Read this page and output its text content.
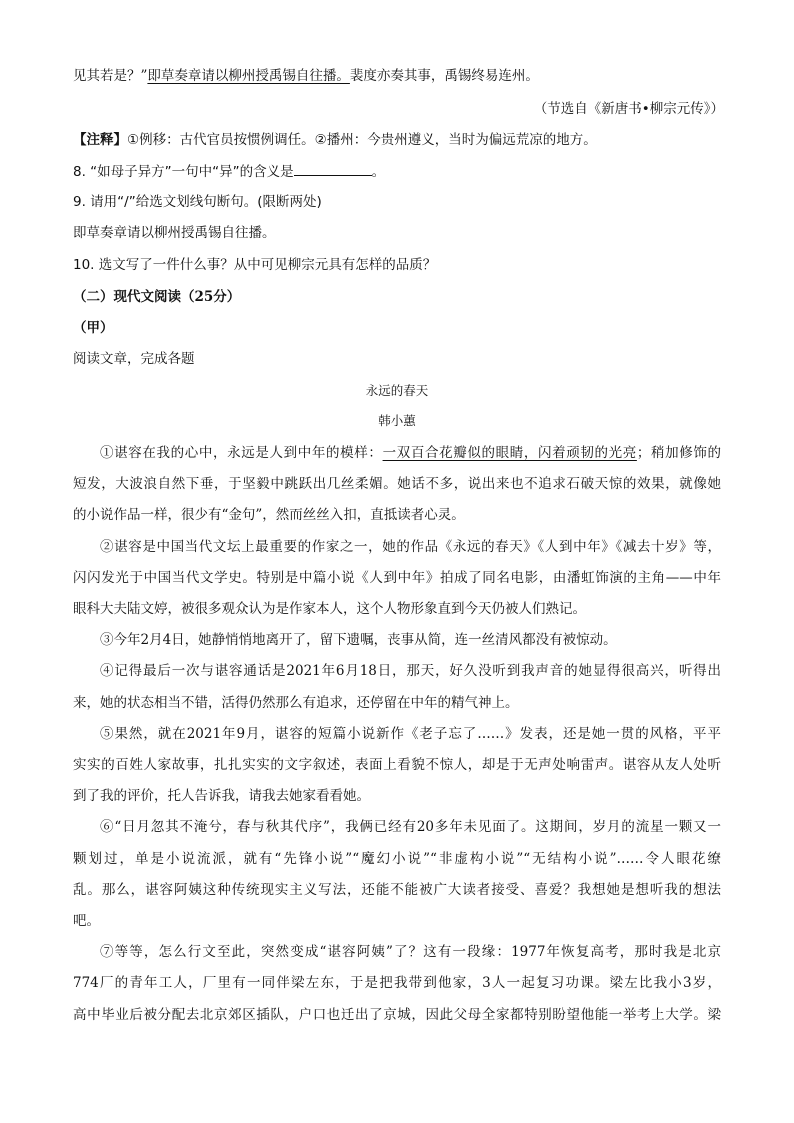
见其若是？”即草奏章请以柳州授禹锡自往播。裴度亦奏其事，禹锡终易连州。
（节选自《新唐书•柳宗元传》）
【注释】①例移：古代官员按惯例调任。②播州：今贵州遵义，当时为偏远荒凉的地方。
8. “如母子异方”一句中“异”的含义是	。
9. 请用“/”给选文划线句断句。(限断两处)
即草奏章请以柳州授禹锡自往播。
10. 选文写了一件什么事？从中可见柳宗元具有怎样的品质？
（二）现代文阅读（25分）
（甲）
阅读文章，完成各题
永远的春天
韩小蕙
①谌容在我的心中，永远是人到中年的模样：一双百合花瓣似的眼睛，闪着顽韧的光亮；稍加修饰的
短发，大波浪自然下垂，于坚毅中跳跃出几丝柔媚。她话不多，说出来也不追求石破天惊的效果，就像她
的小说作品一样，很少有“金句”，然而丝丝入扣，直抵读者心灵。
②谌容是中国当代文坛上最重要的作家之一，她的作品《永远的春天》《人到中年》《减去十岁》等，
闪闪发光于中国当代文学史。特别是中篇小说《人到中年》拍成了同名电影，由潘虹饰演的主角——中年
眼科大夫陆文婷，被很多观众认为是作家本人，这个人物形象直到今天仍被人们熟记。
③今年2月4日，她静悄悄地离开了，留下遗嘱，丧事从简，连一丝清风都没有被惊动。
④记得最后一次与谌容通话是2021年6月18日，那天，好久没听到我声音的她显得很高兴，听得出
来，她的状态相当不错，活得仍然那么有追求，还停留在中年的精气神上。
⑤果然，就在2021年9月，谌容的短篇小说新作《老子忘了……》发表，还是她一贯的风格，平平
实实的百姓人家故事，扎扎实实的文字叙述，表面上看貌不惊人，却是于无声处响雷声。谌容从友人处听
到了我的评价，托人告诉我，请我去她家看看她。
⑥“日月忽其不淹兮，春与秋其代序”，我俩已经有20多年未见面了。这期间，岁月的流星一颗又一
颗划过，单是小说流派，就有“先锋小说”“魔幻小说”“非虚构小说”“无结构小说”……令人眼花缭
乱。那么，谌容阿姨这种传统现实主义写法，还能不能被广大读者接受、喜爱？我想她是想听我的想法
吧。
⑦等等，怎么行文至此，突然变成“谌容阿姨”了？这有一段缘：1977年恢复高考，那时我是北京
774厂的青年工人，厂里有一同伴梁左东，于是把我带到他家，3人一起复习功课。梁左比我小3岁，
高中毕业后被分配去北京郊区插队，户口也迁出了京城，因此父母全家都特别盼望他能一举考上大学。梁
